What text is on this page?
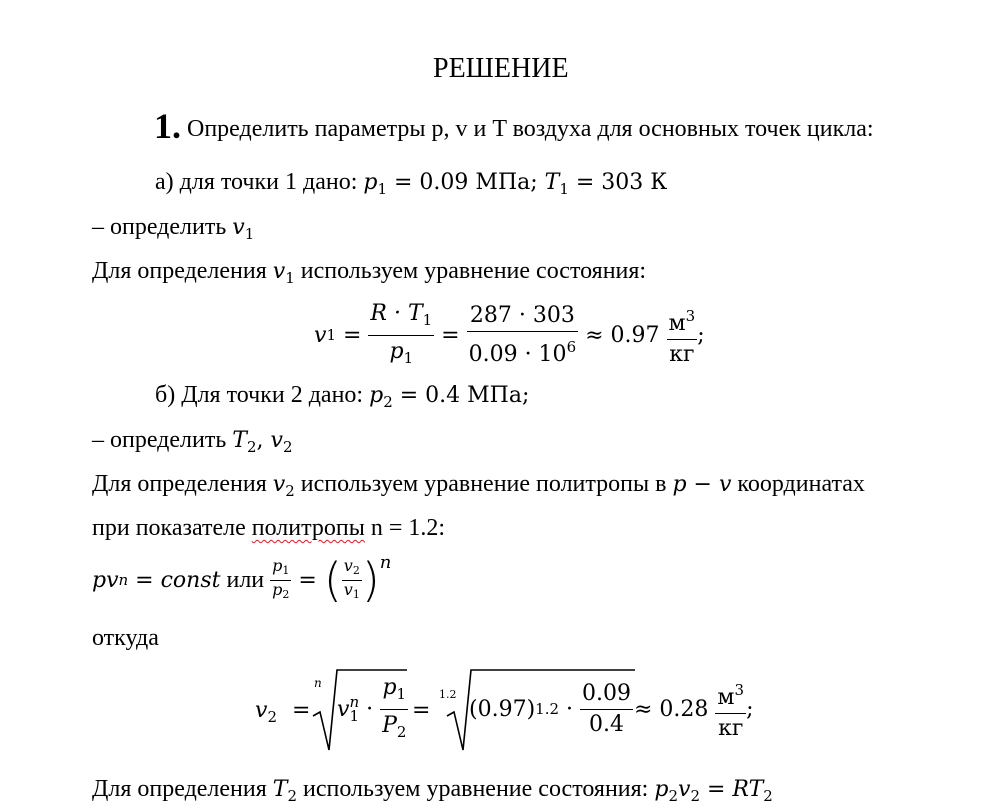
РЕШЕНИЕ
1. Определить параметры p, v и T воздуха для основных точек цикла:
а) для точки 1 дано: $p_1 = 0.09$ МПа; $T_1 = 303$ К
– определить $v_1$
Для определения $v_1$ используем уравнение состояния:
v $1 = \frac{R \cdot T_1}{p_1} = \frac{287 \cdot 303}{0.09 \cdot 10^6} \approx 0.97 \frac{м^3}{кг}$ ;
б) Для точки 2 дано: $p_2 = 0.4$ МПа;
– определить $T_2$, $v_2$
Для определения $v_2$ используем уравнение политропы в p − v координатах
при показателе политропы n = 1.2:
pv n = const или $\frac{p_1}{p_2}$ = ( $\frac{v_2}{v_1}$ ) n
откуда
$v_2$ =
n
v n
$1 \cdot \frac{p_1}{P_2}$
=
1.2
(0.97) $1.2 \cdot \frac{0.09}{0.4}$
≈ $0.28 \frac{м^3}{кг}$ ;
Для определения $T_2$ используем уравнение состояния: $p_2v_2 = RT_2$
